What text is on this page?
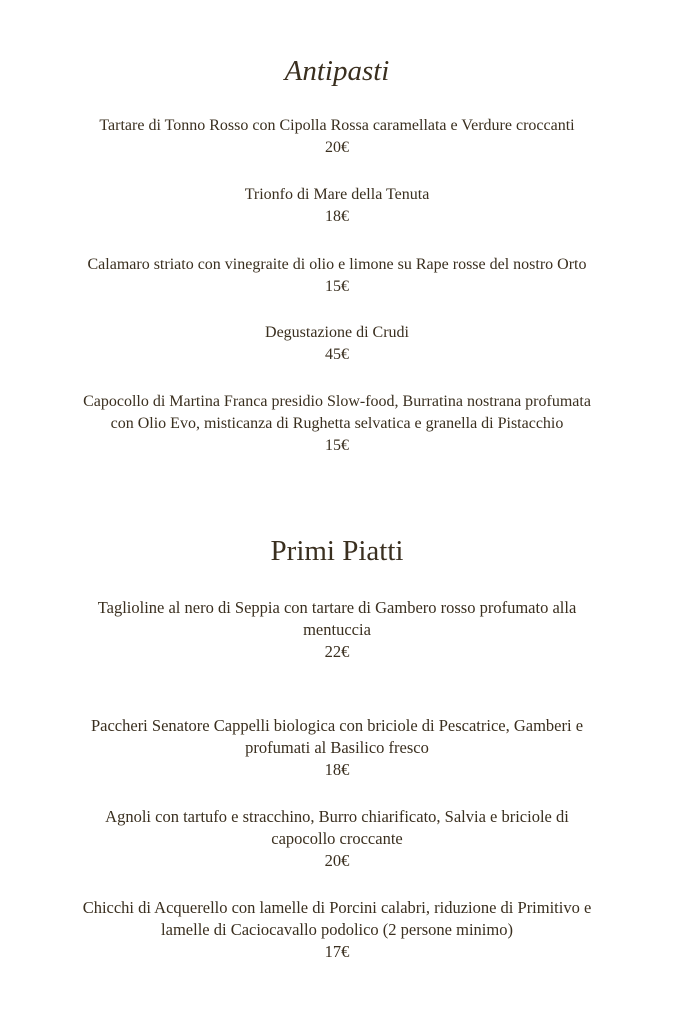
Antipasti
Tartare di Tonno Rosso con Cipolla Rossa caramellata e Verdure croccanti
20€
Trionfo di Mare della Tenuta
18€
Calamaro striato con vinegraite di olio e limone su Rape rosse del nostro Orto
15€
Degustazione di Crudi
45€
Capocollo di Martina Franca presidio Slow-food, Burratina nostrana profumata
con Olio Evo, misticanza di Rughetta selvatica e granella di Pistacchio
15€
Primi Piatti
Taglioline al nero di Seppia con tartare di Gambero rosso profumato alla
mentuccia
22€
Paccheri Senatore Cappelli biologica con briciole di Pescatrice, Gamberi e
profumati al Basilico fresco
18€
Agnoli con tartufo e stracchino, Burro chiarificato, Salvia e briciole di
capocollo croccante
20€
Chicchi di Acquerello con lamelle di Porcini calabri, riduzione di Primitivo e
lamelle di Caciocavallo podolico (2 persone minimo)
17€
